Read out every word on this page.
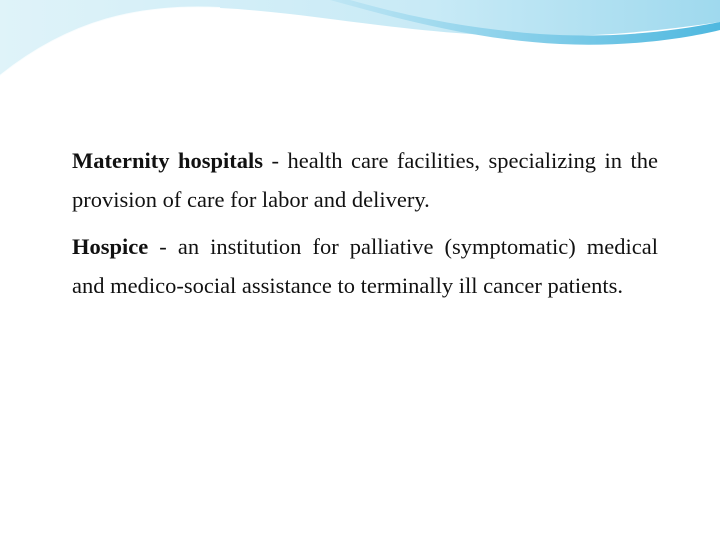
Maternity hospitals - health care facilities, specializing in the provision of care for labor and delivery.

Hospice - an institution for palliative (symptomatic) medical and medico-social assistance to terminally ill cancer patients.
